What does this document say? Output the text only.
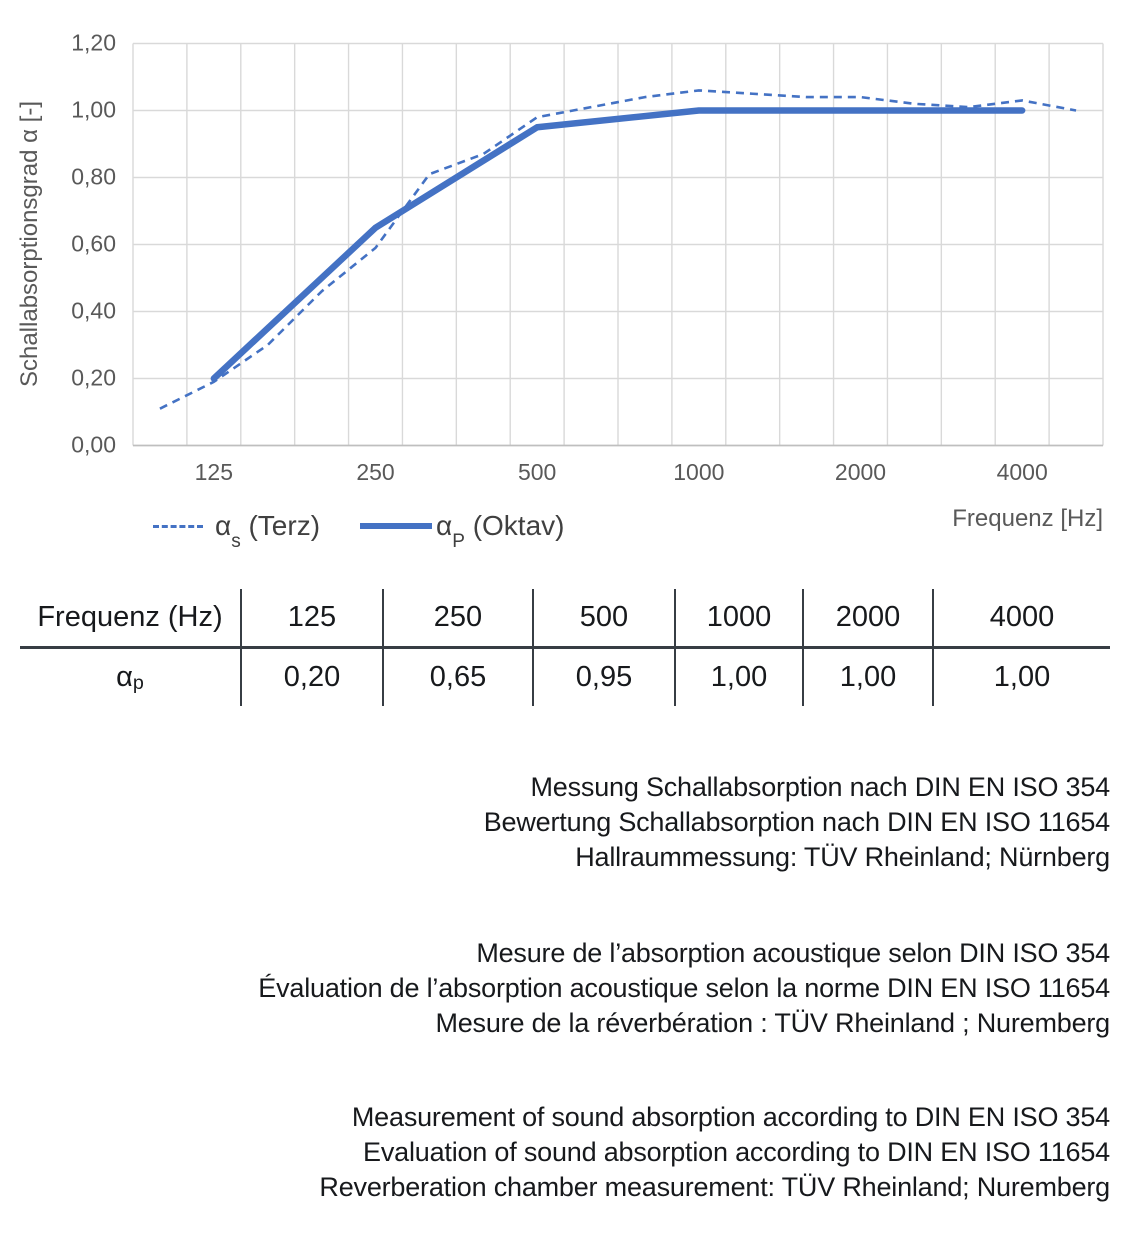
0,00
0,20
0,40
0,60
0,80
1,00
1,20
125	250	500	1000	2000	4000
Schallabsorptionsgrad α [-]
Frequenz [Hz]
$\alpha_s$ (Terz)	$\alpha_P$ (Oktav)
Frequenz (Hz)	125	250	500	1000	2000	4000
$\alpha_p$	0,20	0,65	0,95	1,00	1,00	1,00
Messung Schallabsorption nach DIN EN ISO 354
Bewertung Schallabsorption nach DIN EN ISO 11654
Hallraummessung: TÜV Rheinland; Nürnberg
Mesure de l’absorption acoustique selon DIN ISO 354
Évaluation de l’absorption acoustique selon la norme DIN EN ISO 11654
Mesure de la réverbération : TÜV Rheinland ; Nuremberg
Measurement of sound absorption according to DIN EN ISO 354
Evaluation of sound absorption according to DIN EN ISO 11654
Reverberation chamber measurement: TÜV Rheinland; Nuremberg
